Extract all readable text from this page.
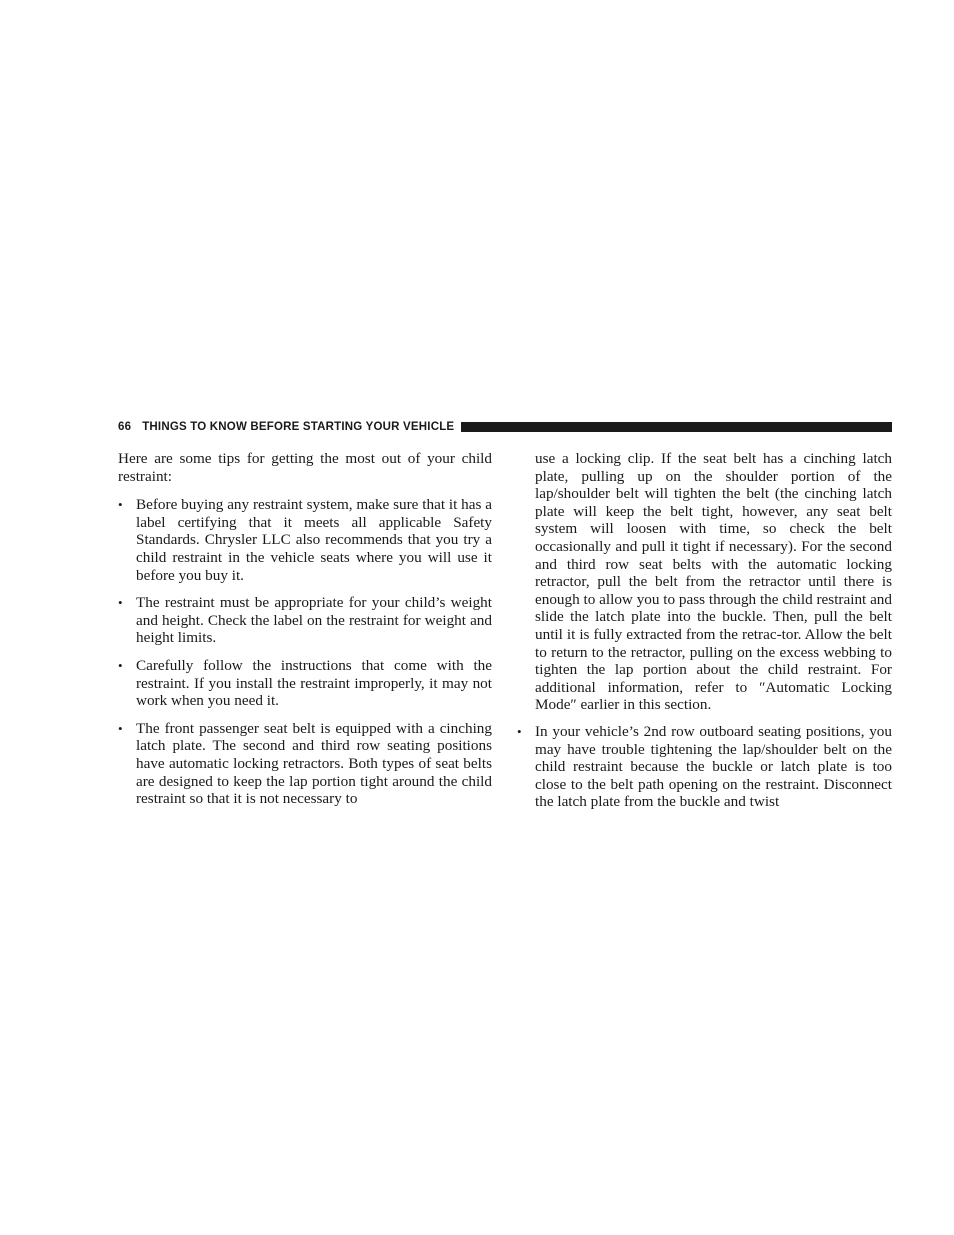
66 THINGS TO KNOW BEFORE STARTING YOUR VEHICLE

Here are some tips for getting the most out of your child restraint:

• Before buying any restraint system, make sure that it has a label certifying that it meets all applicable Safety Standards. Chrysler LLC also recommends that you try a child restraint in the vehicle seats where you will use it before you buy it.
• The restraint must be appropriate for your child’s weight and height. Check the label on the restraint for weight and height limits.
• Carefully follow the instructions that come with the restraint. If you install the restraint improperly, it may not work when you need it.
• The front passenger seat belt is equipped with a cinching latch plate. The second and third row seating positions have automatic locking retractors. Both types of seat belts are designed to keep the lap portion tight around the child restraint so that it is not necessary to

use a locking clip. If the seat belt has a cinching latch plate, pulling up on the shoulder portion of the lap/shoulder belt will tighten the belt (the cinching latch plate will keep the belt tight, however, any seat belt system will loosen with time, so check the belt occasionally and pull it tight if necessary). For the second and third row seat belts with the automatic locking retractor, pull the belt from the retractor until there is enough to allow you to pass through the child restraint and slide the latch plate into the buckle. Then, pull the belt until it is fully extracted from the retrac-tor. Allow the belt to return to the retractor, pulling on the excess webbing to tighten the lap portion about the child restraint. For additional information, refer to ″Automatic Locking Mode″ earlier in this section.

• In your vehicle’s 2nd row outboard seating positions, you may have trouble tightening the lap/shoulder belt on the child restraint because the buckle or latch plate is too close to the belt path opening on the restraint. Disconnect the latch plate from the buckle and twist
